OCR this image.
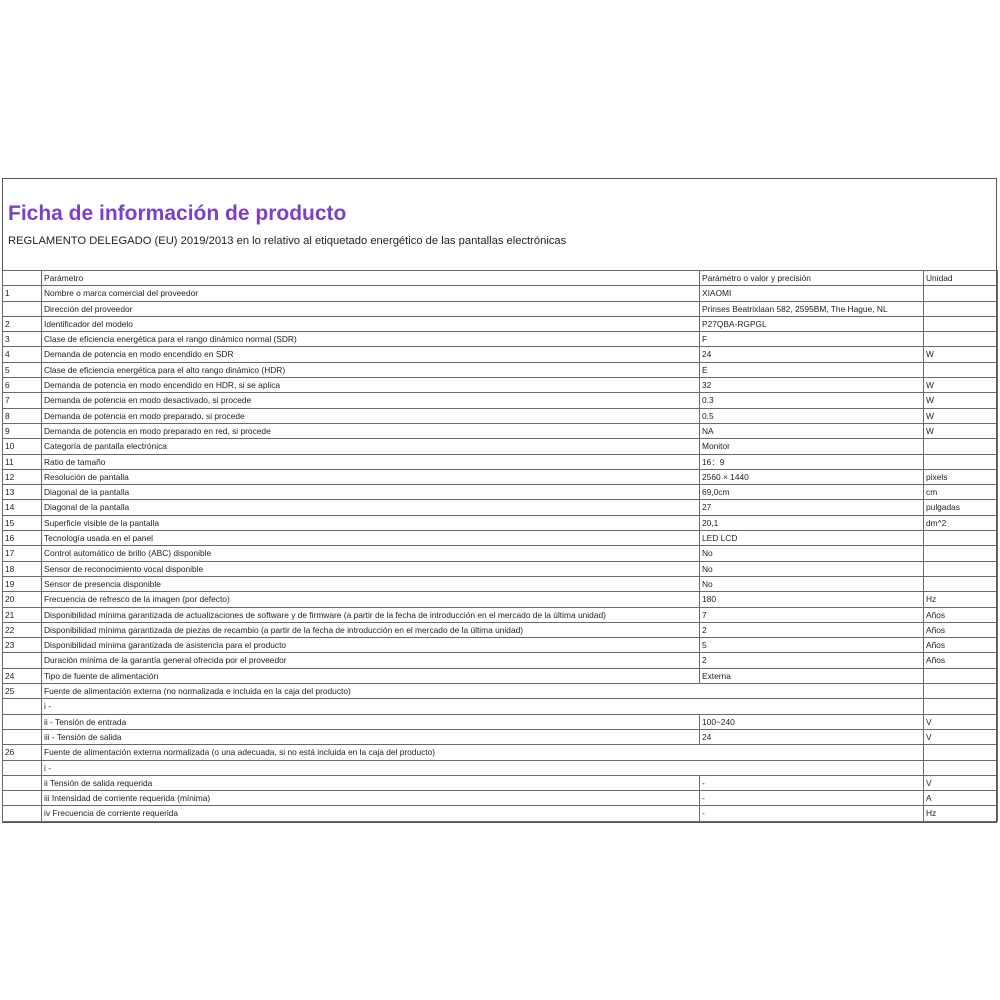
Ficha de información de producto
REGLAMENTO DELEGADO (EU) 2019/2013 en lo relativo al etiquetado energético de las pantallas electrónicas
	Parámetro	Parámetro o valor y precisión	Unidad
1	Nombre o marca comercial del proveedor	XIAOMI	
	Dirección del proveedor	Prinses Beatrixlaan 582, 2595BM, The Hague, NL	
2	Identificador del modelo	P27QBA-RGPGL	
3	Clase de eficiencia energética para el rango dinámico normal (SDR)	F	
4	Demanda de potencia en modo encendido en SDR	24	W
5	Clase de eficiencia energética para el alto rango dinámico (HDR)	E	
6	Demanda de potencia en modo encendido en HDR, si se aplica	32	W
7	Demanda de potencia en modo desactivado, si procede	0.3	W
8	Demanda de potencia en modo preparado, si procede	0.5	W
9	Demanda de potencia en modo preparado en red, si procede	NA	W
10	Categoría de pantalla electrónica	Monitor	
11	Ratio de tamaño	16：9	
12	Resolución de pantalla	2560 × 1440	pixels
13	Diagonal de la pantalla	69,0cm	cm
14	Diagonal de la pantalla	27	pulgadas
15	Superficie visible de la pantalla	20,1	dm^2
16	Tecnología usada en el panel	LED LCD	
17	Control automático de brillo (ABC) disponible	No	
18	Sensor de reconocimiento vocal disponible	No	
19	Sensor de presencia disponible	No	
20	Frecuencia de refresco de la imagen (por defecto)	180	Hz
21	Disponibilidad mínima garantizada de actualizaciones de software y de firmware (a partir de la fecha de introducción en el mercado de la última unidad)	7	Años
22	Disponibilidad mínima garantizada de piezas de recambio (a partir de la fecha de introducción en el mercado de la última unidad)	2	Años
23	Disponibilidad mínima garantizada de asistencia para el producto	5	Años
	Duración mínima de la garantía general ofrecida por el proveedor	2	Años
24	Tipo de fuente de alimentación	Externa	
25	Fuente de alimentación externa (no normalizada e incluida en la caja del producto)		
	i -		
	ii - Tensión de entrada	100~240	V
	iii - Tensión de salida	24	V
26	Fuente de alimentación externa normalizada (o una adecuada, si no está incluida en la caja del producto)		
	i -		
	ii Tensión de salida requerida	-	V
	iii Intensidad de corriente requerida (mínima)	-	A
	iv Frecuencia de corriente requerida	-	Hz
